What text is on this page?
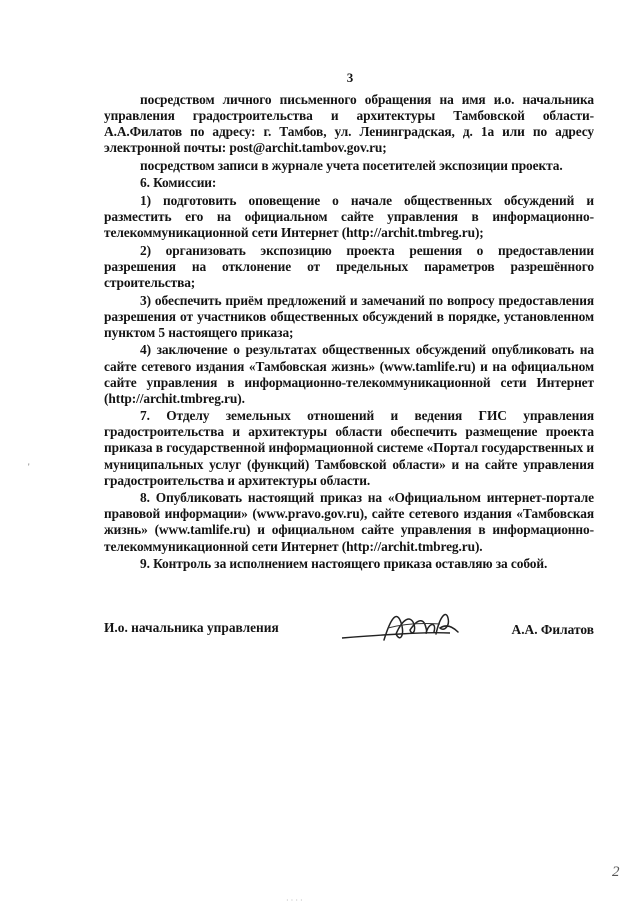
3

посредством личного письменного обращения на имя и.о. начальника управления градостроительства и архитектуры Тамбовской области-А.А.Филатов по адресу: г. Тамбов, ул. Ленинградская, д. 1а или по адресу электронной почты: post@archit.tambov.gov.ru;

посредством записи в журнале учета посетителей экспозиции проекта.

6. Комиссии:

1) подготовить оповещение о начале общественных обсуждений и разместить его на официальном сайте управления в информационно-телекоммуникационной сети Интернет (http://archit.tmbreg.ru);

2) организовать экспозицию проекта решения о предоставлении разрешения на отклонение от предельных параметров разрешённого строительства;

3) обеспечить приём предложений и замечаний по вопросу предоставления разрешения от участников общественных обсуждений в порядке, установленном пунктом 5 настоящего приказа;

4) заключение о результатах общественных обсуждений опубликовать на сайте сетевого издания «Тамбовская жизнь» (www.tamlife.ru) и на официальном сайте управления в информационно-телекоммуникационной сети Интернет (http://archit.tmbreg.ru).

7. Отделу земельных отношений и ведения ГИС управления градостроительства и архитектуры области обеспечить размещение проекта приказа в государственной информационной системе «Портал государственных и муниципальных услуг (функций) Тамбовской области» и на сайте управления градостроительства и архитектуры области.

8. Опубликовать настоящий приказ на «Официальном интернет-портале правовой информации» (www.pravo.gov.ru), сайте сетевого издания «Тамбовская жизнь» (www.tamlife.ru) и официальном сайте управления в информационно-телекоммуникационной сети Интернет (http://archit.tmbreg.ru).

9. Контроль за исполнением настоящего приказа оставляю за собой.

'
И.о. начальника управления	А.А. Филатов
2
· · · ·
